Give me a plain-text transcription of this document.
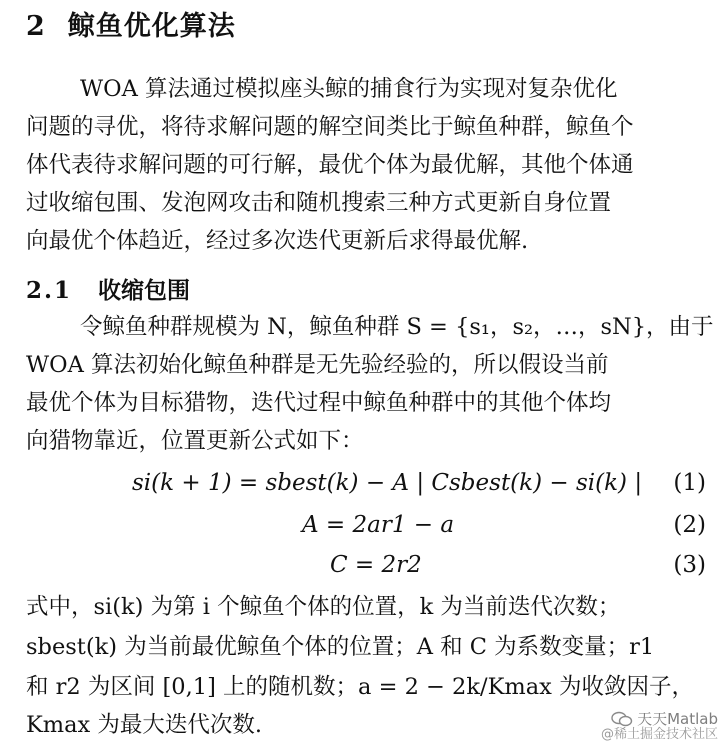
2 鲸鱼优化算法
WOA 算法通过模拟座头鲸的捕食行为实现对复杂优化
问题的寻优，将待求解问题的解空间类比于鲸鱼种群，鲸鱼个
体代表待求解问题的可行解，最优个体为最优解，其他个体通
过收缩包围、发泡网攻击和随机搜索三种方式更新自身位置
向最优个体趋近，经过多次迭代更新后求得最优解.
2.1 收缩包围
令鲸鱼种群规模为 N，鲸鱼种群 S = {s₁，s₂，…，sN}，由于
WOA 算法初始化鲸鱼种群是无先验经验的，所以假设当前
最优个体为目标猎物，迭代过程中鲸鱼种群中的其他个体均
向猎物靠近，位置更新公式如下：
si(k + 1) = sbest(k) − A | Csbest(k) − si(k) | (1)
A = 2ar1 − a	(2)
C = 2r2	(3)
式中，si(k) 为第 i 个鲸鱼个体的位置，k 为当前迭代次数；
sbest(k) 为当前最优鲸鱼个体的位置；A 和 C 为系数变量；r1
和 r2 为区间 [0,1] 上的随机数；a = 2 − 2k/Kmax 为收敛因子，
Kmax 为最大迭代次数.	天天Matlab
@稀土掘金技术社区
